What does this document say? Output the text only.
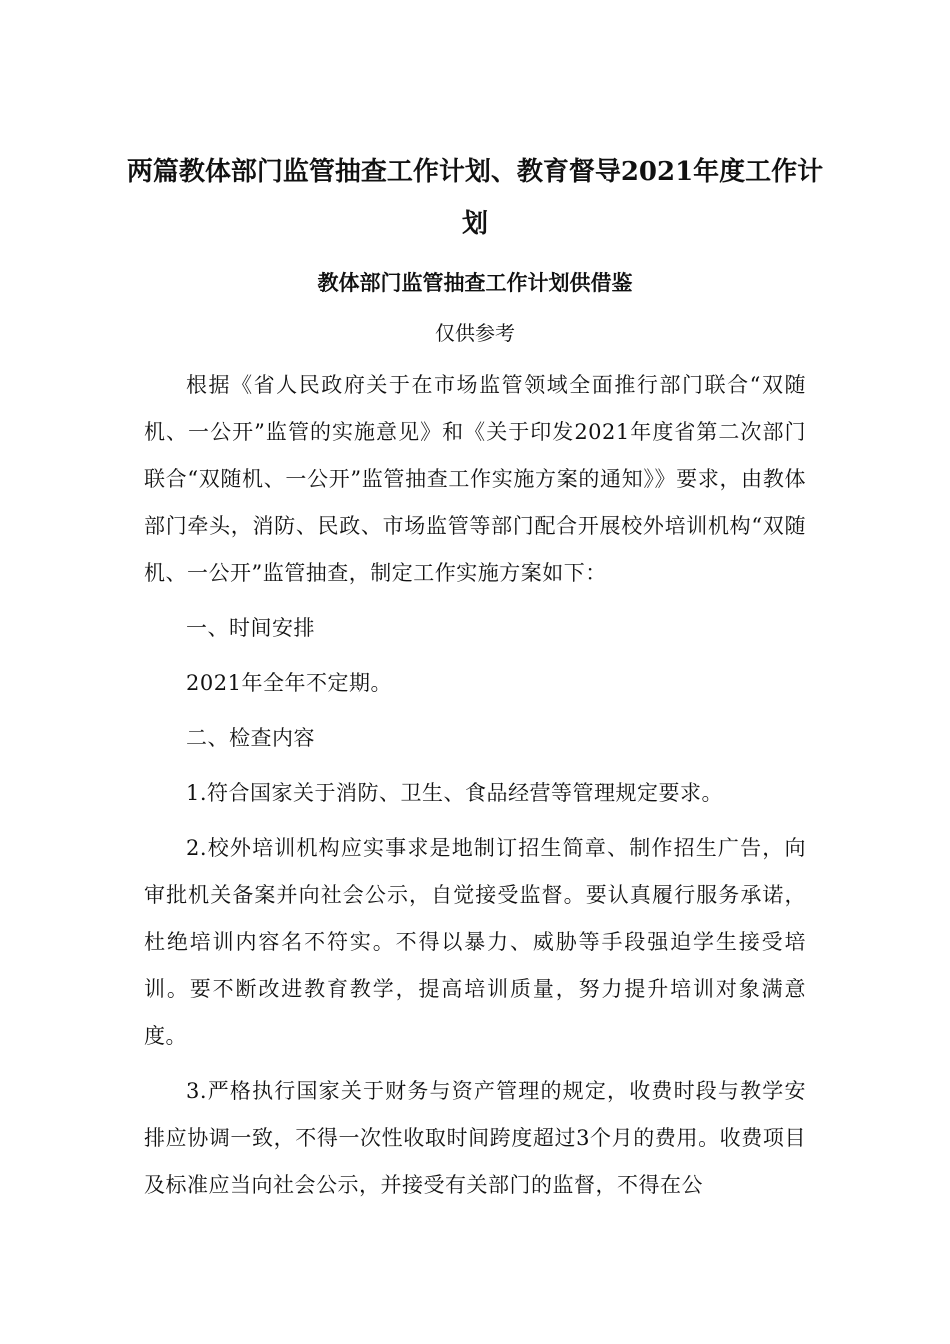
两篇教体部门监管抽查工作计划、教育督导2021年度工作计划
教体部门监管抽查工作计划供借鉴
仅供参考

根据《省人民政府关于在市场监管领域全面推行部门联合“双随机、一公开”监管的实施意见》和《关于印发2021年度省第二次部门联合“双随机、一公开”监管抽查工作实施方案的通知》》要求，由教体部门牵头，消防、民政、市场监管等部门配合开展校外培训机构“双随机、一公开”监管抽查，制定工作实施方案如下：

一、时间安排

2021年全年不定期。

二、检查内容

1.符合国家关于消防、卫生、食品经营等管理规定要求。

2.校外培训机构应实事求是地制订招生简章、制作招生广告，向审批机关备案并向社会公示，自觉接受监督。要认真履行服务承诺，杜绝培训内容名不符实。不得以暴力、威胁等手段强迫学生接受培训。要不断改进教育教学，提高培训质量，努力提升培训对象满意度。

3.严格执行国家关于财务与资产管理的规定，收费时段与教学安排应协调一致，不得一次性收取时间跨度超过3个月的费用。收费项目及标准应当向社会公示，并接受有关部门的监督，不得在公
